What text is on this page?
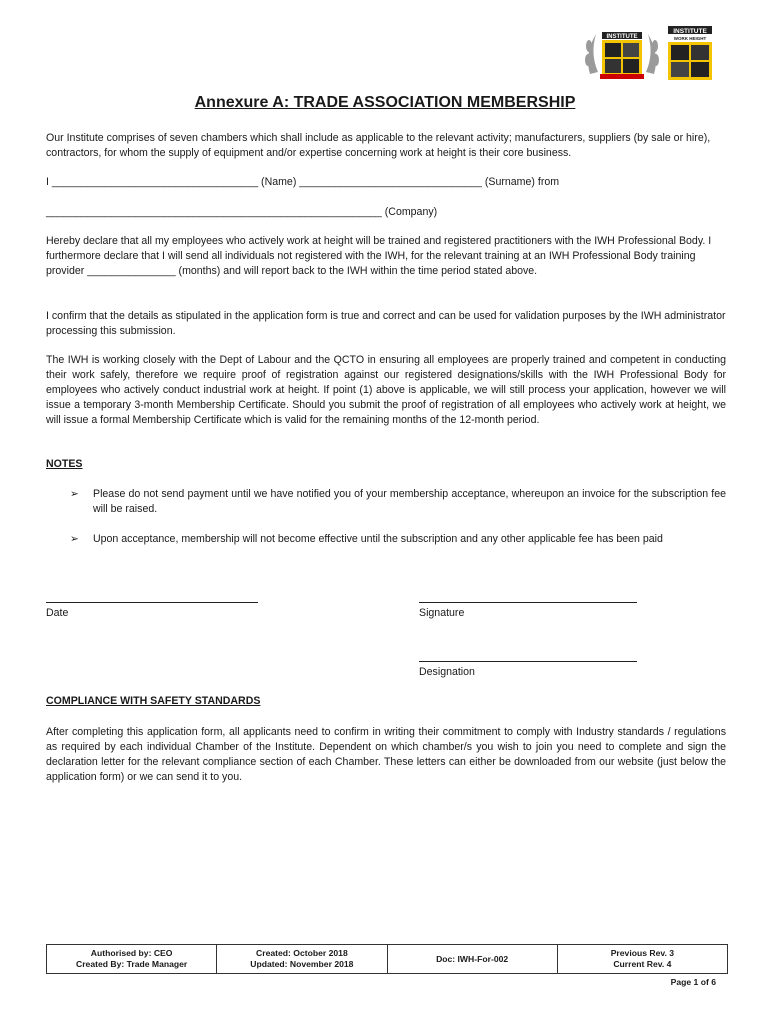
INSTITUTE
INSTITUTE
WORK HEIGHT
Annexure A: TRADE ASSOCIATION MEMBERSHIP

Our Institute comprises of seven chambers which shall include as applicable to the relevant activity; manufacturers, suppliers (by sale or hire), contractors, for whom the supply of equipment and/or expertise concerning work at height is their core business.

I ___________________________________ (Name) _______________________________ (Surname) from

_________________________________________________________ (Company)

Hereby declare that all my employees who actively work at height will be trained and registered practitioners with the IWH Professional Body. I furthermore declare that I will send all individuals not registered with the IWH, for the relevant training at an IWH Professional Body training provider _______________ (months) and will report back to the IWH within the time period stated above.

I confirm that the details as stipulated in the application form is true and correct and can be used for validation purposes by the IWH administrator processing this submission.

The IWH is working closely with the Dept of Labour and the QCTO in ensuring all employees are properly trained and competent in conducting their work safely, therefore we require proof of registration against our registered designations/skills with the IWH Professional Body for employees who actively conduct industrial work at height. If point (1) above is applicable, we will still process your application, however we will issue a temporary 3-month Membership Certificate. Should you submit the proof of registration of all employees who actively work at height, we will issue a formal Membership Certificate which is valid for the remaining months of the 12-month period.

NOTES

➢	Please do not send payment until we have notified you of your membership acceptance, whereupon an invoice for the subscription fee will be raised.
➢	Upon acceptance, membership will not become effective until the subscription and any other applicable fee has been paid
Date	Signature
Designation

COMPLIANCE WITH SAFETY STANDARDS

After completing this application form, all applicants need to confirm in writing their commitment to comply with Industry standards / regulations as required by each individual Chamber of the Institute. Dependent on which chamber/s you wish to join you need to complete and sign the declaration letter for the relevant compliance section of each Chamber. These letters can either be downloaded from our website (just below the application form) or we can send it to you.

Authorised by: CEO
Created By: Trade Manager

Created: October 2018
Updated: November 2018

Doc: IWH-For-002

Previous Rev. 3
Current Rev. 4
Page 1 of 6
